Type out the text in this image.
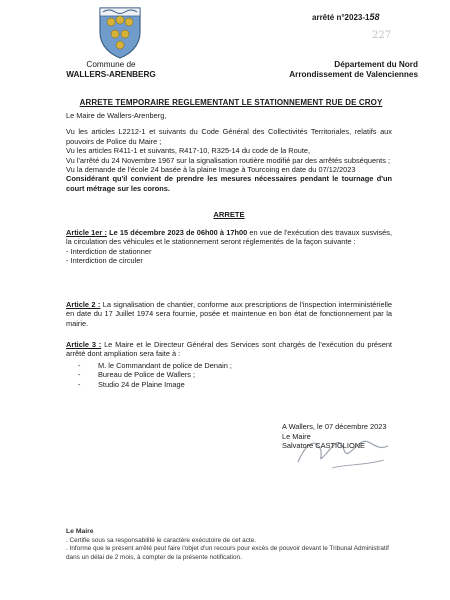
arrêté n°2023-158
227
Commune de
WALLERS-ARENBERG
Département du Nord
Arrondissement de Valenciennes
ARRETE TEMPORAIRE REGLEMENTANT LE STATIONNEMENT RUE DE CROY

Le Maire de Wallers-Arenberg,

Vu les articles L2212-1 et suivants du Code Général des Collectivités Territoriales, relatifs aux pouvoirs de Police du Maire ;

Vu les articles R411-1 et suivants, R417-10, R325-14 du code de la Route,

Vu l'arrêté du 24 Novembre 1967 sur la signalisation routière modifié par des arrêtés subséquents ;

Vu la demande de l'école 24 basée à la plaine Image à Tourcoing en date du 07/12/2023

Considérant qu'il convient de prendre les mesures nécessaires pendant le tournage d'un court métrage sur les corons.

ARRETE

Article 1er : Le 15 décembre 2023 de 06h00 à 17h00 en vue de l'exécution des travaux susvisés, la circulation des véhicules et le stationnement seront réglementés de la façon suivante :

- Interdiction de stationner
- Interdiction de circuler

Article 2 : La signalisation de chantier, conforme aux prescriptions de l'inspection interministérielle en date du 17 Juillet 1974 sera fournie, posée et maintenue en bon état de fonctionnement par la mairie.

Article 3 : Le Maire et le Directeur Général des Services sont chargés de l'exécution du présent arrêté dont ampliation sera faite à :

- M. le Commandant de police de Denain ;
- Bureau de Police de Wallers ;
- Studio 24 de Plaine Image
A Wallers, le 07 décembre 2023
Le Maire
Salvatore CASTIGLIONE
Le Maire
. Certifie sous sa responsabilité le caractère exécutoire de cet acte.
. Informe que le présent arrêté peut faire l'objet d'un recours pour excès de pouvoir devant le Tribunal Administratif dans un délai de 2 mois, à compter de la présente notification.
